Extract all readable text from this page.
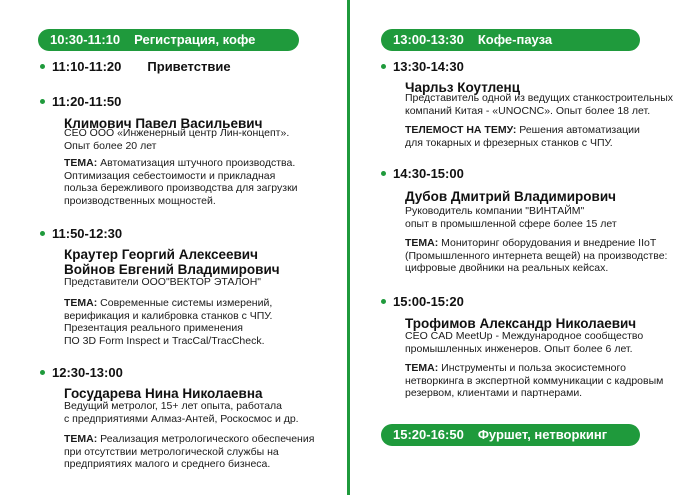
10:30-11:10 Регистрация, кофе
11:10-11:20 Приветствие
11:20-11:50
Климович Павел Васильевич
СЕО ООО «Инженерный центр Лин-концепт».
Опыт более 20 лет
ТЕМА: Автоматизация штучного производства.
Оптимизация себестоимости и прикладная
польза бережливого производства для загрузки
производственных мощностей.
11:50-12:30
Краутер Георгий Алексеевич
Войнов Евгений Владимирович
Представители ООО"ВЕКТОР ЭТАЛОН"
ТЕМА: Современные системы измерений,
верификация и калибровка станков с ЧПУ.
Презентация реального применения
ПО 3D Form Inspect и TracCal/TracCheck.
12:30-13:00
Государева Нина Николаевна
Ведущий метролог, 15+ лет опыта, работала
с предприятиями Алмаз-Антей, Роскосмос и др.
ТЕМА: Реализация метрологического обеспечения
при отсутствии метрологической службы на
предприятиях малого и среднего бизнеса.
13:00-13:30 Кофе-пауза
13:30-14:30
Чарльз Коутленц
Представитель одной из ведущих станкостроительных
компаний Китая - «UNOCNC». Опыт более 18 лет.
ТЕЛЕМОСТ НА ТЕМУ: Решения автоматизации
для токарных и фрезерных станков с ЧПУ.
14:30-15:00
Дубов Дмитрий Владимирович
Руководитель компании "ВИНТАЙМ"
опыт в промышленной сфере более 15 лет
ТЕМА: Мониторинг оборудования и внедрение IIoT
(Промышленного интернета вещей) на производстве:
цифровые двойники на реальных кейсах.
15:00-15:20
Трофимов Александр Николаевич
CEO CAD MeetUp - Международное сообщество
промышленных инженеров. Опыт более 6 лет.
ТЕМА: Инструменты и польза экосистемного
нетворкинга в экспертной коммуникации с кадровым
резервом, клиентами и партнерами.
15:20-16:50 Фуршет, нетворкинг
